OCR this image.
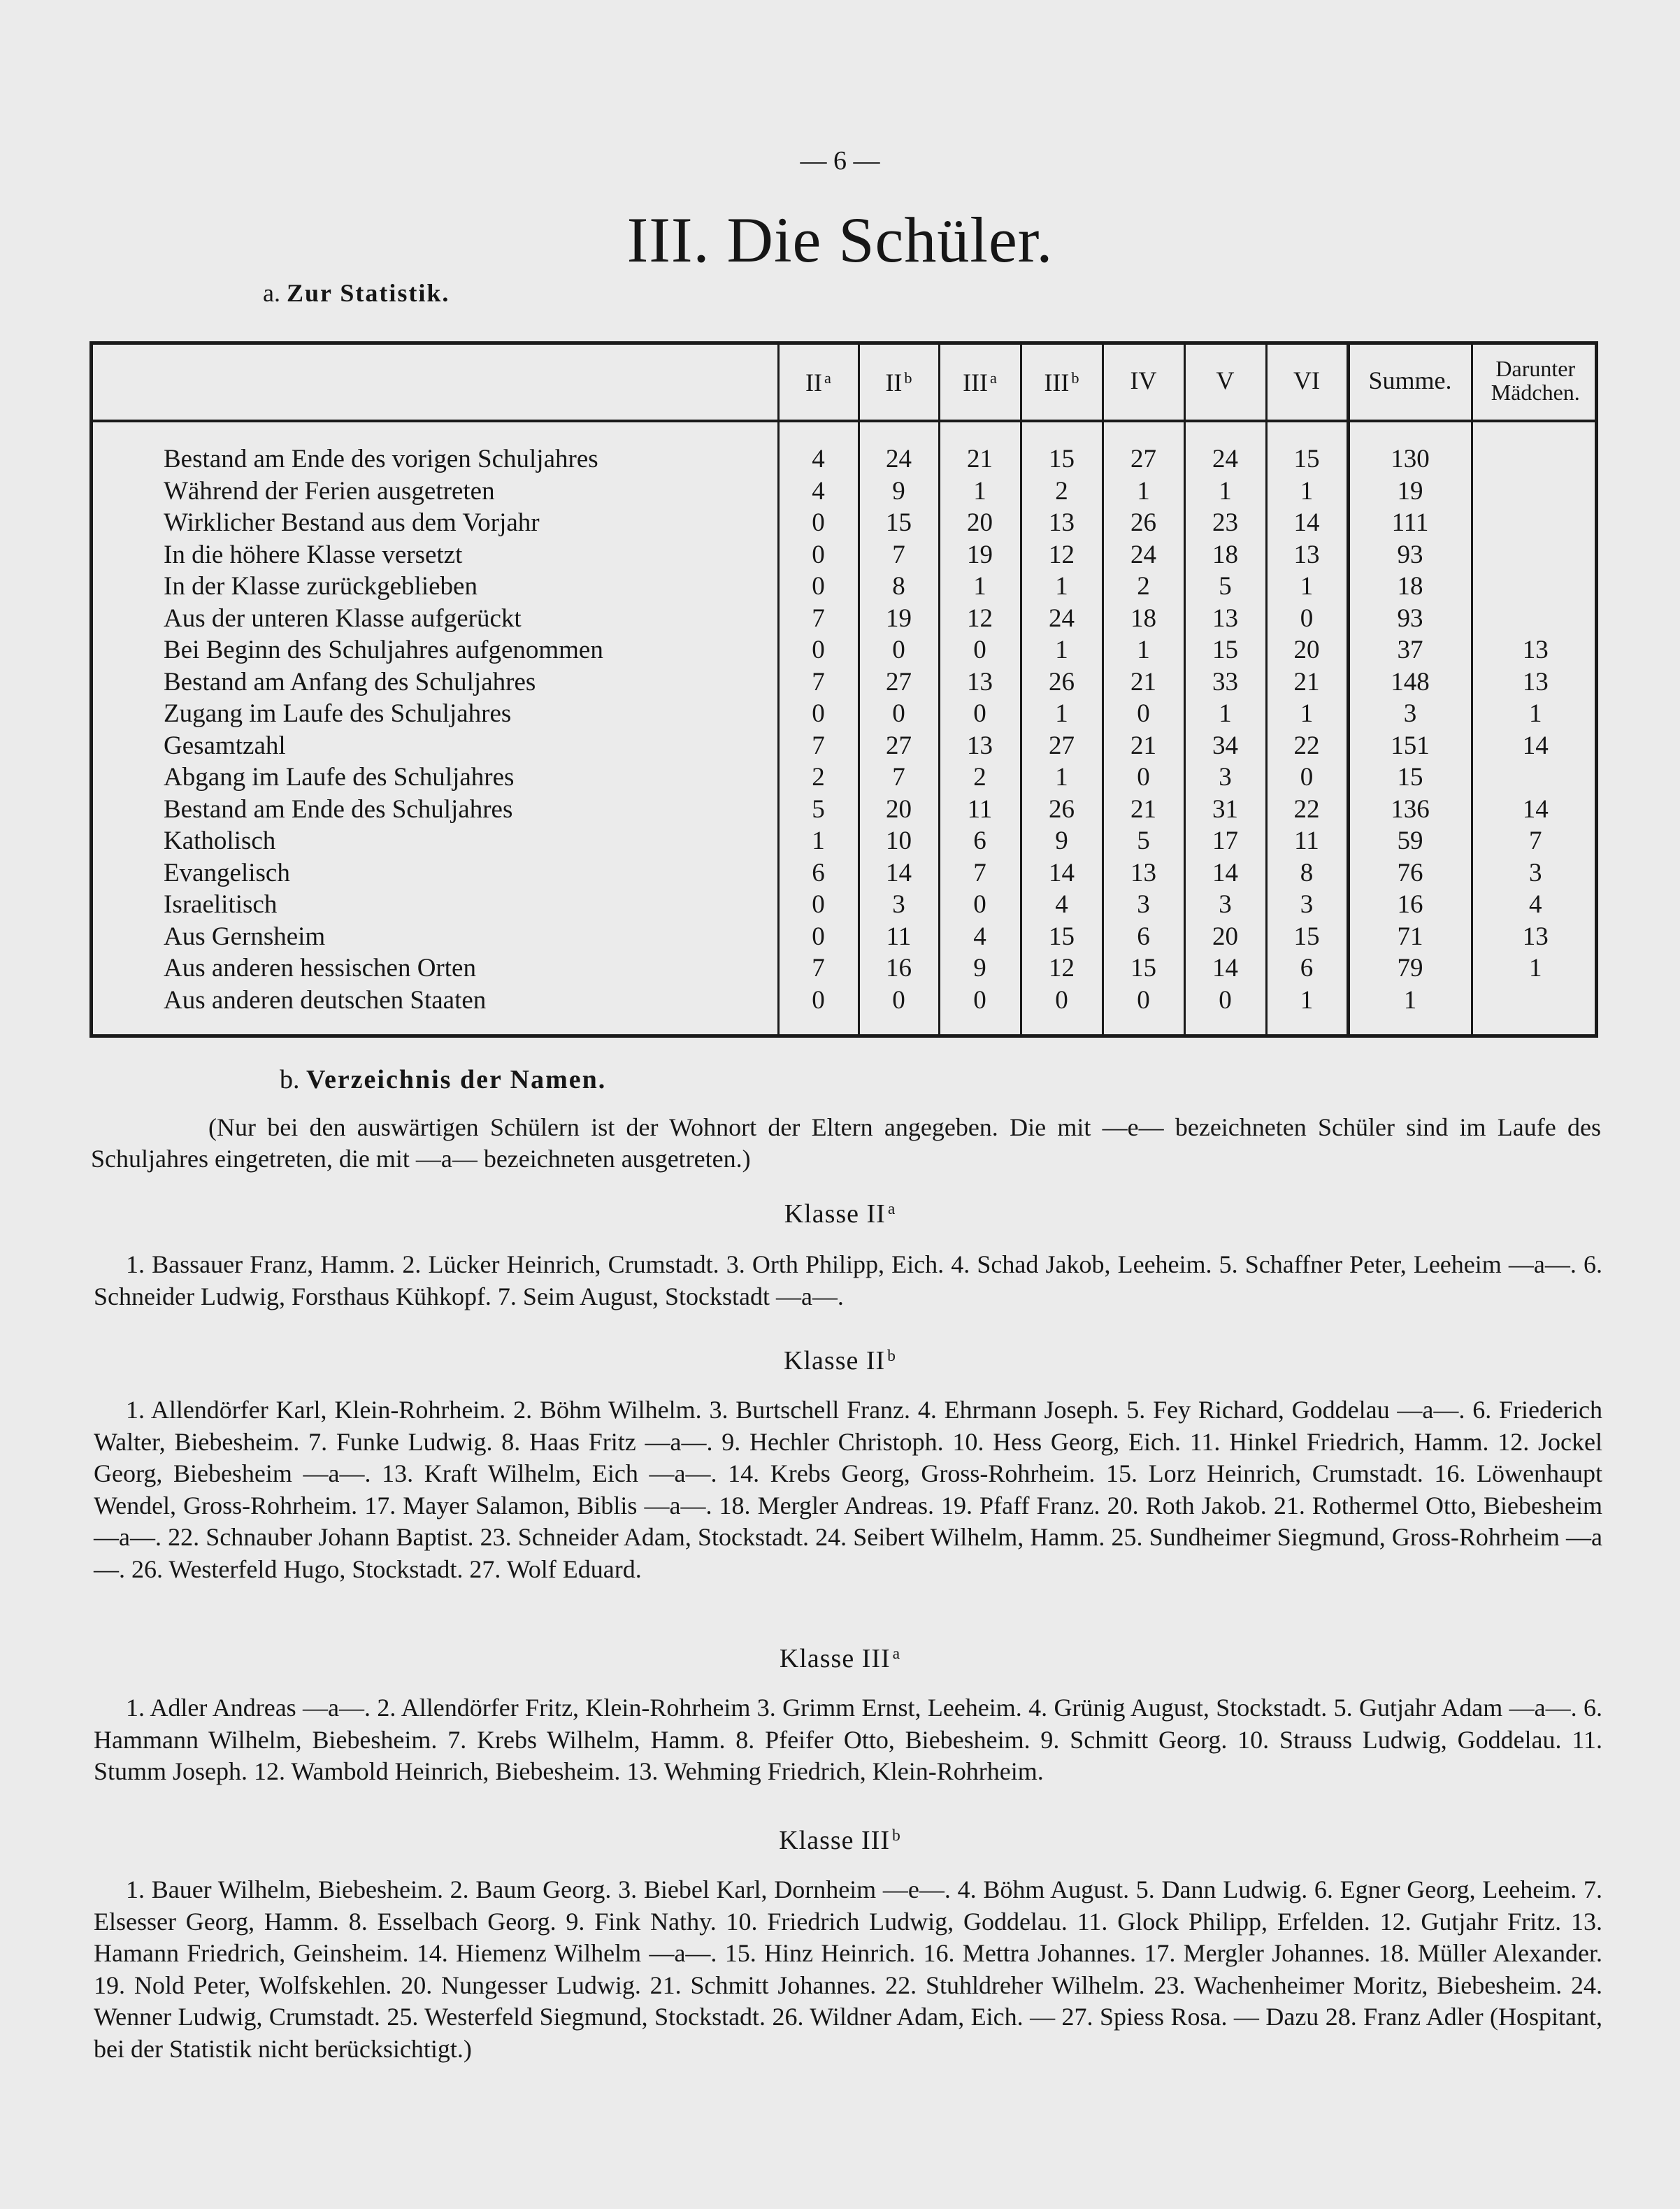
— 6 —
III. Die Schüler.
a. Zur Statistik.
	II $^a$	II $^b$	III $^a$	III $^b$	IV	V	VI	Summe.	Darunter
Mädchen.

Bestand am Ende des vorigen Schuljahres	4	24	21	15	27	24	15	130	
Während der Ferien ausgetreten	4	9	1	2	1	1	1	19	
Wirklicher Bestand aus dem Vorjahr	0	15	20	13	26	23	14	111	
In die höhere Klasse versetzt	0	7	19	12	24	18	13	93	
In der Klasse zurückgeblieben	0	8	1	1	2	5	1	18	
Aus der unteren Klasse aufgerückt	7	19	12	24	18	13	0	93	
Bei Beginn des Schuljahres aufgenommen	0	0	0	1	1	15	20	37	13
Bestand am Anfang des Schuljahres	7	27	13	26	21	33	21	148	13
Zugang im Laufe des Schuljahres	0	0	0	1	0	1	1	3	1
Gesamtzahl	7	27	13	27	21	34	22	151	14
Abgang im Laufe des Schuljahres	2	7	2	1	0	3	0	15	
Bestand am Ende des Schuljahres	5	20	11	26	21	31	22	136	14
Katholisch	1	10	6	9	5	17	11	59	7
Evangelisch	6	14	7	14	13	14	8	76	3
Israelitisch	0	3	0	4	3	3	3	16	4
Aus Gernsheim	0	11	4	15	6	20	15	71	13
Aus anderen hessischen Orten	7	16	9	12	15	14	6	79	1
Aus anderen deutschen Staaten	0	0	0	0	0	0	1	1	
b. Verzeichnis der Namen.
(Nur bei den auswärtigen Schülern ist der Wohnort der Eltern angegeben. Die mit —e— bezeichneten Schüler sind im Laufe des Schuljahres eingetreten, die mit —a— bezeichneten ausgetreten.)
Klasse II $^a$
1. Bassauer Franz, Hamm. 2. Lücker Heinrich, Crumstadt. 3. Orth Philipp, Eich. 4. Schad Jakob, Leeheim. 5. Schaffner Peter, Leeheim —a—. 6. Schneider Ludwig, Forsthaus Kühkopf. 7. Seim August, Stockstadt —a—.
Klasse II $^b$
1. Allendörfer Karl, Klein-Rohrheim. 2. Böhm Wilhelm. 3. Burtschell Franz. 4. Ehrmann Joseph. 5. Fey Richard, Goddelau —a—. 6. Friederich Walter, Biebesheim. 7. Funke Ludwig. 8. Haas Fritz —a—. 9. Hechler Christoph. 10. Hess Georg, Eich. 11. Hinkel Friedrich, Hamm. 12. Jockel Georg, Biebesheim —a—. 13. Kraft Wilhelm, Eich —a—. 14. Krebs Georg, Gross-Rohrheim. 15. Lorz Heinrich, Crumstadt. 16. Löwenhaupt Wendel, Gross-Rohrheim. 17. Mayer Salamon, Biblis —a—. 18. Mergler Andreas. 19. Pfaff Franz. 20. Roth Jakob. 21. Rothermel Otto, Biebesheim —a—. 22. Schnauber Johann Baptist. 23. Schneider Adam, Stockstadt. 24. Seibert Wilhelm, Hamm. 25. Sundheimer Siegmund, Gross-Rohrheim —a—. 26. Westerfeld Hugo, Stockstadt. 27. Wolf Eduard.
Klasse III $^a$
1. Adler Andreas —a—. 2. Allendörfer Fritz, Klein-Rohrheim 3. Grimm Ernst, Leeheim. 4. Grünig August, Stockstadt. 5. Gutjahr Adam —a—. 6. Hammann Wilhelm, Biebesheim. 7. Krebs Wilhelm, Hamm. 8. Pfeifer Otto, Biebesheim. 9. Schmitt Georg. 10. Strauss Ludwig, Goddelau. 11. Stumm Joseph. 12. Wambold Heinrich, Biebesheim. 13. Wehming Friedrich, Klein-Rohrheim.
Klasse III $^b$
1. Bauer Wilhelm, Biebesheim. 2. Baum Georg. 3. Biebel Karl, Dornheim —e—. 4. Böhm August. 5. Dann Ludwig. 6. Egner Georg, Leeheim. 7. Elsesser Georg, Hamm. 8. Esselbach Georg. 9. Fink Nathy. 10. Friedrich Ludwig, Goddelau. 11. Glock Philipp, Erfelden. 12. Gutjahr Fritz. 13. Hamann Friedrich, Geinsheim. 14. Hiemenz Wilhelm —a—. 15. Hinz Heinrich. 16. Mettra Johannes. 17. Mergler Johannes. 18. Müller Alexander. 19. Nold Peter, Wolfskehlen. 20. Nungesser Ludwig. 21. Schmitt Johannes. 22. Stuhldreher Wilhelm. 23. Wachenheimer Moritz, Biebesheim. 24. Wenner Ludwig, Crumstadt. 25. Westerfeld Siegmund, Stockstadt. 26. Wildner Adam, Eich. — 27. Spiess Rosa. — Dazu 28. Franz Adler (Hospitant, bei der Statistik nicht berücksichtigt.)
